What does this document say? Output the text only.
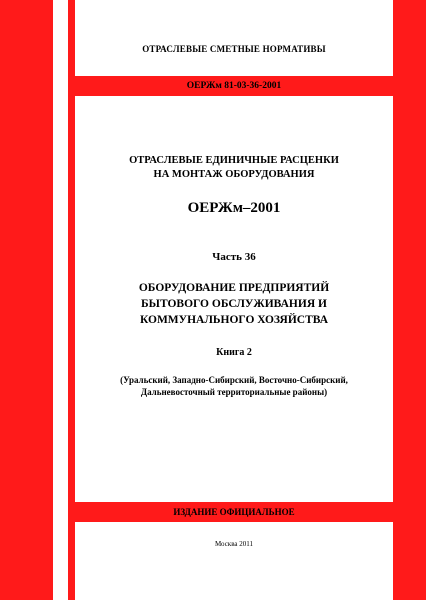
ОТРАСЛЕВЫЕ СМЕТНЫЕ НОРМАТИВЫ
ОЕРЖм 81-03-36-2001
ОТРАСЛЕВЫЕ ЕДИНИЧНЫЕ РАСЦЕНКИ
НА МОНТАЖ ОБОРУДОВАНИЯ
ОЕРЖм–2001
Часть 36
ОБОРУДОВАНИЕ ПРЕДПРИЯТИЙ
БЫТОВОГО ОБСЛУЖИВАНИЯ И
КОММУНАЛЬНОГО ХОЗЯЙСТВА
Книга 2
(Уральский, Западно-Сибирский, Восточно-Сибирский,
Дальневосточный территориальные районы)
ИЗДАНИЕ ОФИЦИАЛЬНОЕ
Москва 2011
